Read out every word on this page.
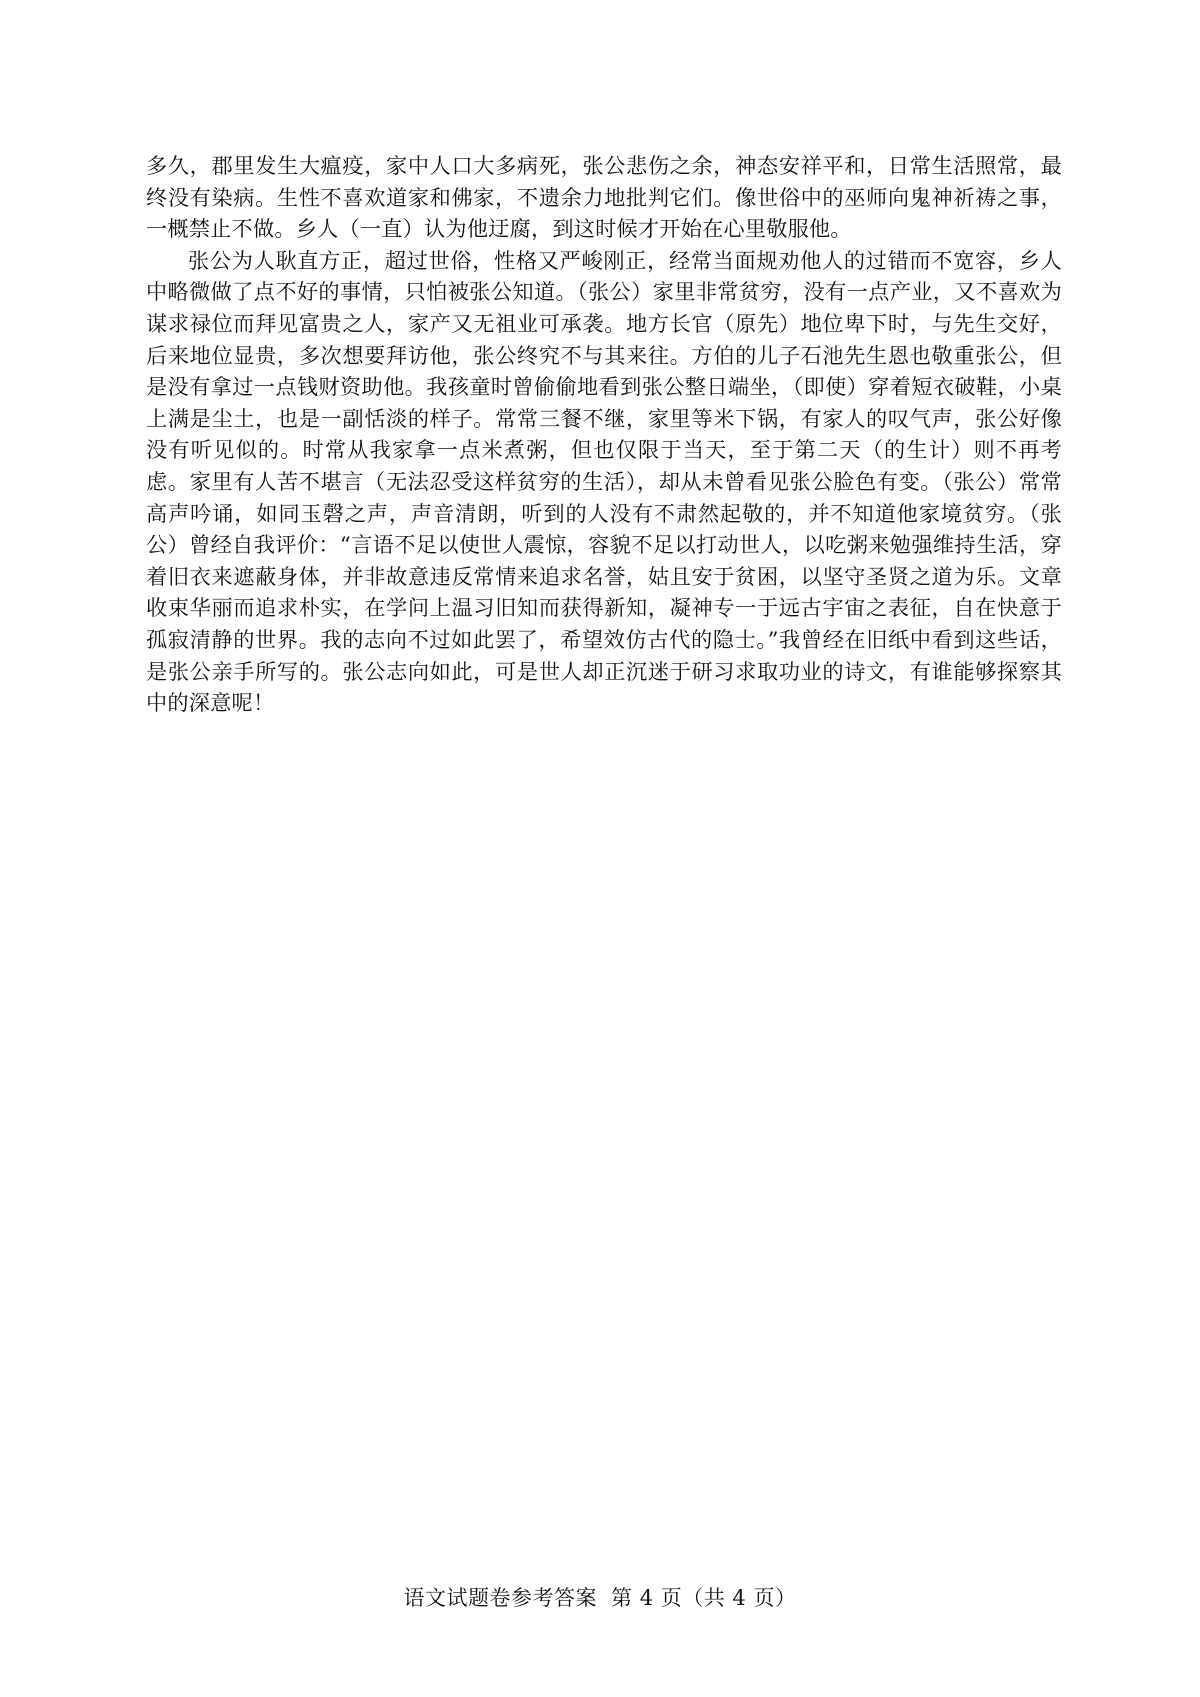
多久，郡里发生大瘟疫，家中人口大多病死，张公悲伤之余，神态安祥平和，日常生活照常，最终没有染病。生性不喜欢道家和佛家，不遗余力地批判它们。像世俗中的巫师向鬼神祈祷之事，一概禁止不做。乡人（一直）认为他迂腐，到这时候才开始在心里敬服他。

张公为人耿直方正，超过世俗，性格又严峻刚正，经常当面规劝他人的过错而不宽容，乡人中略微做了点不好的事情，只怕被张公知道。（张公）家里非常贫穷，没有一点产业，又不喜欢为谋求禄位而拜见富贵之人，家产又无祖业可承袭。地方长官（原先）地位卑下时，与先生交好，后来地位显贵，多次想要拜访他，张公终究不与其来往。方伯的儿子石池先生恩也敬重张公，但是没有拿过一点钱财资助他。我孩童时曾偷偷地看到张公整日端坐，（即使）穿着短衣破鞋，小桌上满是尘土，也是一副恬淡的样子。常常三餐不继，家里等米下锅，有家人的叹气声，张公好像没有听见似的。时常从我家拿一点米煮粥，但也仅限于当天，至于第二天（的生计）则不再考虑。家里有人苦不堪言（无法忍受这样贫穷的生活），却从未曾看见张公脸色有变。（张公）常常高声吟诵，如同玉磬之声，声音清朗，听到的人没有不肃然起敬的，并不知道他家境贫穷。（张公）曾经自我评价：“言语不足以使世人震惊，容貌不足以打动世人，以吃粥来勉强维持生活，穿着旧衣来遮蔽身体，并非故意违反常情来追求名誉，姑且安于贫困，以坚守圣贤之道为乐。文章收束华丽而追求朴实，在学问上温习旧知而获得新知，凝神专一于远古宇宙之表征，自在快意于孤寂清静的世界。我的志向不过如此罢了，希望效仿古代的隐士。”我曾经在旧纸中看到这些话，是张公亲手所写的。张公志向如此，可是世人却正沉迷于研习求取功业的诗文，有谁能够探察其中的深意呢！

语文试题卷参考答案 第 4 页（共 4 页）
